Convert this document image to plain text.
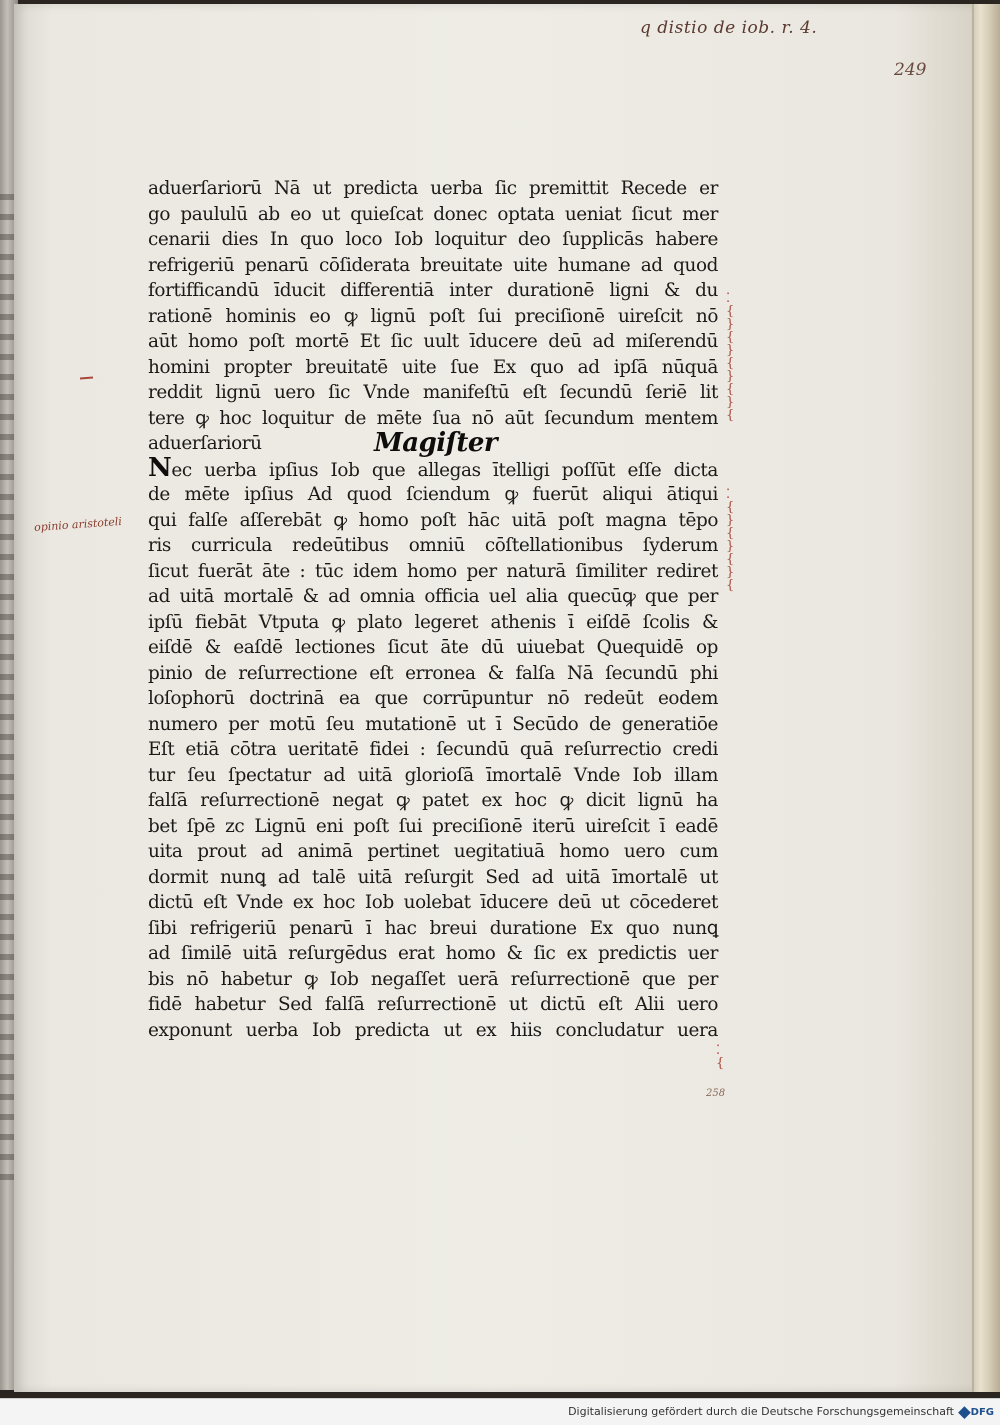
q distio de iob. r. 4.
249
opinio aristoteli
258
⁚
{
}
{
}
{
}
{
}
{
⁚
{
}
{
}
{
}
{
⁚
{
aduerſariorū Nā ut predicta uerba ſic premittit Recede er
go paululū ab eo ut quieſcat donec optata ueniat ſicut mer
cenarii dies In quo loco Iob loquitur deo ſupplicās habere
refrigeriū penarū cōſiderata breuitate uite humane ad quod
fortifficandū īducit differentiā inter durationē ligni & du
rationē hominis eo ꝙ lignū poſt ſui preciſionē uireſcit nō
aūt homo poſt mortē Et ſic uult īducere deū ad miſerendū
homini propter breuitatē uite ſue Ex quo ad ipſā nūquā
reddit lignū uero ſic Vnde manifeſtū eſt ſecundū ſeriē lit
tere ꝙ hoc loquitur de mēte ſua nō aūt ſecundum mentem
aduerſariorū	Magiſter
Nec uerba ipſius Iob que allegas ītelligi poſſūt eſſe dicta
de mēte ipſius Ad quod ſciendum ꝙ fuerūt aliqui ātiqui
qui falſe aſſerebāt ꝙ homo poſt hāc uitā poſt magna tēpo
ris curricula redeūtibus omniū cōſtellationibus ſyderum
ſicut fuerāt āte : tūc idem homo per naturā ſimiliter rediret
ad uitā mortalē & ad omnia officia uel alia quecūꝙ que per
ipſū fiebāt Vtputa ꝙ plato legeret athenis ī eiſdē ſcolis &
eiſdē & eaſdē lectiones ſicut āte dū uiuebat Quequidē op
pinio de reſurrectione eſt erronea & falſa Nā ſecundū phi
loſophorū doctrinā ea que corrūpuntur nō redeūt eodem
numero per motū ſeu mutationē ut ī Secūdo de generatiōe
Eſt etiā cōtra ueritatē fidei : ſecundū quā reſurrectio credi
tur ſeu ſpectatur ad uitā glorioſā īmortalē Vnde Iob illam
falſā reſurrectionē negat ꝙ patet ex hoc ꝙ dicit lignū ha
bet ſpē zc Lignū eni poſt ſui preciſionē iterū uireſcit ī eadē
uita prout ad animā pertinet uegitatiuā homo uero cum
dormit nunꝗ ad talē uitā reſurgit Sed ad uitā īmortalē ut
dictū eſt Vnde ex hoc Iob uolebat īducere deū ut cōcederet
ſibi refrigeriū penarū ī hac breui duratione Ex quo nunꝗ
ad ſimilē uitā reſurgēdus erat homo & ſic ex predictis uer
bis nō habetur ꝙ Iob negaſſet uerā reſurrectionē que per
fidē habetur Sed falſā reſurrectionē ut dictū eſt Alii uero
exponunt uerba Iob predicta ut ex hiis concludatur uera
Digitalisierung gefördert durch die Deutsche Forschungsgemeinschaft DFG
